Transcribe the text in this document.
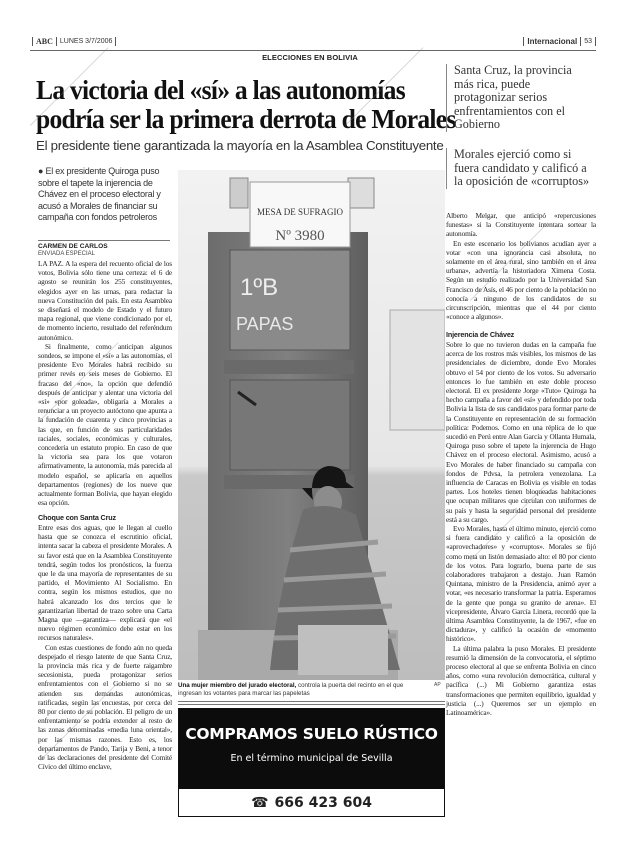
ABC LUNES 3/7/2006	Internacional 53
ELECCIONES EN BOLIVIA
La victoria del «sí» a las autonomías
podría ser la primera derrota de Morales
El presidente tiene garantizada la mayoría en la Asamblea Constituyente
Santa Cruz, la provincia más rica, puede protagonizar serios enfrentamientos con el Gobierno
Morales ejerció como si fuera candidato y calificó a la oposición de «corruptos»
● El ex presidente Quiroga puso sobre el tapete la injerencia de Chávez en el proceso electoral y acusó a Morales de financiar su campaña con fondos petroleros
CARMEN DE CARLOS
ENVIADA ESPECIAL

LA PAZ. A la espera del recuento oficial de los votos, Bolivia sólo tiene una certeza: el 6 de agosto se reunirán los 255 constituyentes, elegidos ayer en las urnas, para redactar la nueva Constitución del país. En esta Asamblea se diseñará el modelo de Estado y el futuro mapa regional, que viene condicionado por el, de momento incierto, resultado del referéndum autonómico.

Si finalmente, como anticipan algunos sondeos, se impone el «sí» a las autonomías, el presidente Evo Morales habrá recibido su primer revés en seis meses de Gobierno. El fracaso del «no», la opción que defendió después de anticipar y alentar una victoria del «sí» «por goleada», obligaría a Morales a renunciar a un proyecto autóctono que apunta a la fundación de cuarenta y cinco provincias a las que, en función de sus particularidades raciales, sociales, económicas y culturales, concedería un estatuto propio. En caso de que la victoria sea para los que votaron afirmativamente, la autonomía, más parecida al modelo español, se aplicaría en aquellos departamentos (regiones) de los nueve que actualmente forman Bolivia, que hayan elegido esa opción.

Choque con Santa Cruz

Entre esas dos aguas, que le llegan al cuello hasta que se conozca el escrutinio oficial, intenta sacar la cabeza el presidente Morales. A su favor está que en la Asamblea Constituyente tendrá, según todos los pronósticos, la fuerza que le da una mayoría de representantes de su partido, el Movimiento Al Socialismo. En contra, según los mismos estudios, que no habrá alcanzado los dos tercios que le garantizarían libertad de trazo sobre una Carta Magna que —garantiza— explicará que «el nuevo régimen económico debe estar en los recursos naturales».

Con estas cuestiones de fondo aún no queda despejado el riesgo latente de que Santa Cruz, la provincia más rica y de fuerte raigambre secesionista, pueda protagonizar serios enfrentamientos con el Gobierno si no se atienden sus demandas autonómicas, ratificadas, según las encuestas, por cerca del 80 por ciento de su población. El peligro de un enfrentamiento se podría extender al resto de las zonas denominadas «media luna oriental», por las mismas razones. Esto es, los departamentos de Pando, Tarija y Beni, a tenor de las declaraciones del presidente del Comité Cívico del último enclave,

Alberto Melgar, que anticipó «repercusiones funestas» si la Constituyente intentara sortear la autonomía.

En este escenario los bolivianos acudían ayer a votar «con una ignorancia casi absoluta, no solamente en el área rural, sino también en el área urbana», advertía la historiadora Ximena Costa. Según un estudio realizado por la Universidad San Francisco de Asís, el 46 por ciento de la población no conocía a ninguno de los candidatos de su circunscripción, mientras que el 44 por ciento «conoce a algunos».

Injerencia de Chávez

Sobre lo que no tuvieron dudas en la campaña fue acerca de los rostros más visibles, los mismos de las presidenciales de diciembre, donde Evo Morales obtuvo el 54 por ciento de los votos. Su adversario entonces lo fue también en este doble proceso electoral. El ex presidente Jorge «Tuto» Quiroga ha hecho campaña a favor del «sí» y defendido por toda Bolivia la lista de sus candidatos para formar parte de la Constituyente en representación de su formación política: Podemos. Como en una réplica de lo que sucedió en Perú entre Alan García y Ollanta Humala, Quiroga puso sobre el tapete la injerencia de Hugo Chávez en el proceso electoral. Asimismo, acusó a Evo Morales de haber financiado su campaña con fondos de Pdvsa, la petrolera venezolana. La influencia de Caracas en Bolivia es visible en todas partes. Los hoteles tienen bloqueadas habitaciones que ocupan militares que circulan con uniformes de su país y hasta la seguridad personal del presidente está a su cargo.

Evo Morales, hasta el último minuto, ejerció como si fuera candidato y calificó a la oposición de «aprovechadores» y «corruptos». Morales se fijó como meta un listón demasiado alto: el 80 por ciento de los votos. Para lograrlo, buena parte de sus colaboradores trabajaron a destajo. Juan Ramón Quintana, ministro de la Presidencia, animó ayer a votar, «es necesario transformar la patria. Esperamos de la gente que ponga su granito de arena». El vicepresidente, Álvaro García Linera, recordó que la última Asamblea Constituyente, la de 1967, «fue en dictadura», y calificó la ocasión de «momento histórico».

La última palabra la puso Morales. El presidente resumió la dimensión de la convocatoria, el séptimo proceso electoral al que se enfrenta Bolivia en cinco años, como «una revolución democrática, cultural y pacífica (...) Mi Gobierno garantiza estas transformaciones que permiten equilibrio, igualdad y justicia (...) Queremos ser un ejemplo en Latinoamérica».

MESA DE SUFRAGIO
Nº 3980
1ºB
PAPAS
Una mujer miembro del jurado electoral, controla la puerta del recinto en el que ingresan los votantes para marcar las papeletas
AP
COMPRAMOS SUELO RÚSTICO
En el término municipal de Sevilla
☎ 666 423 604
